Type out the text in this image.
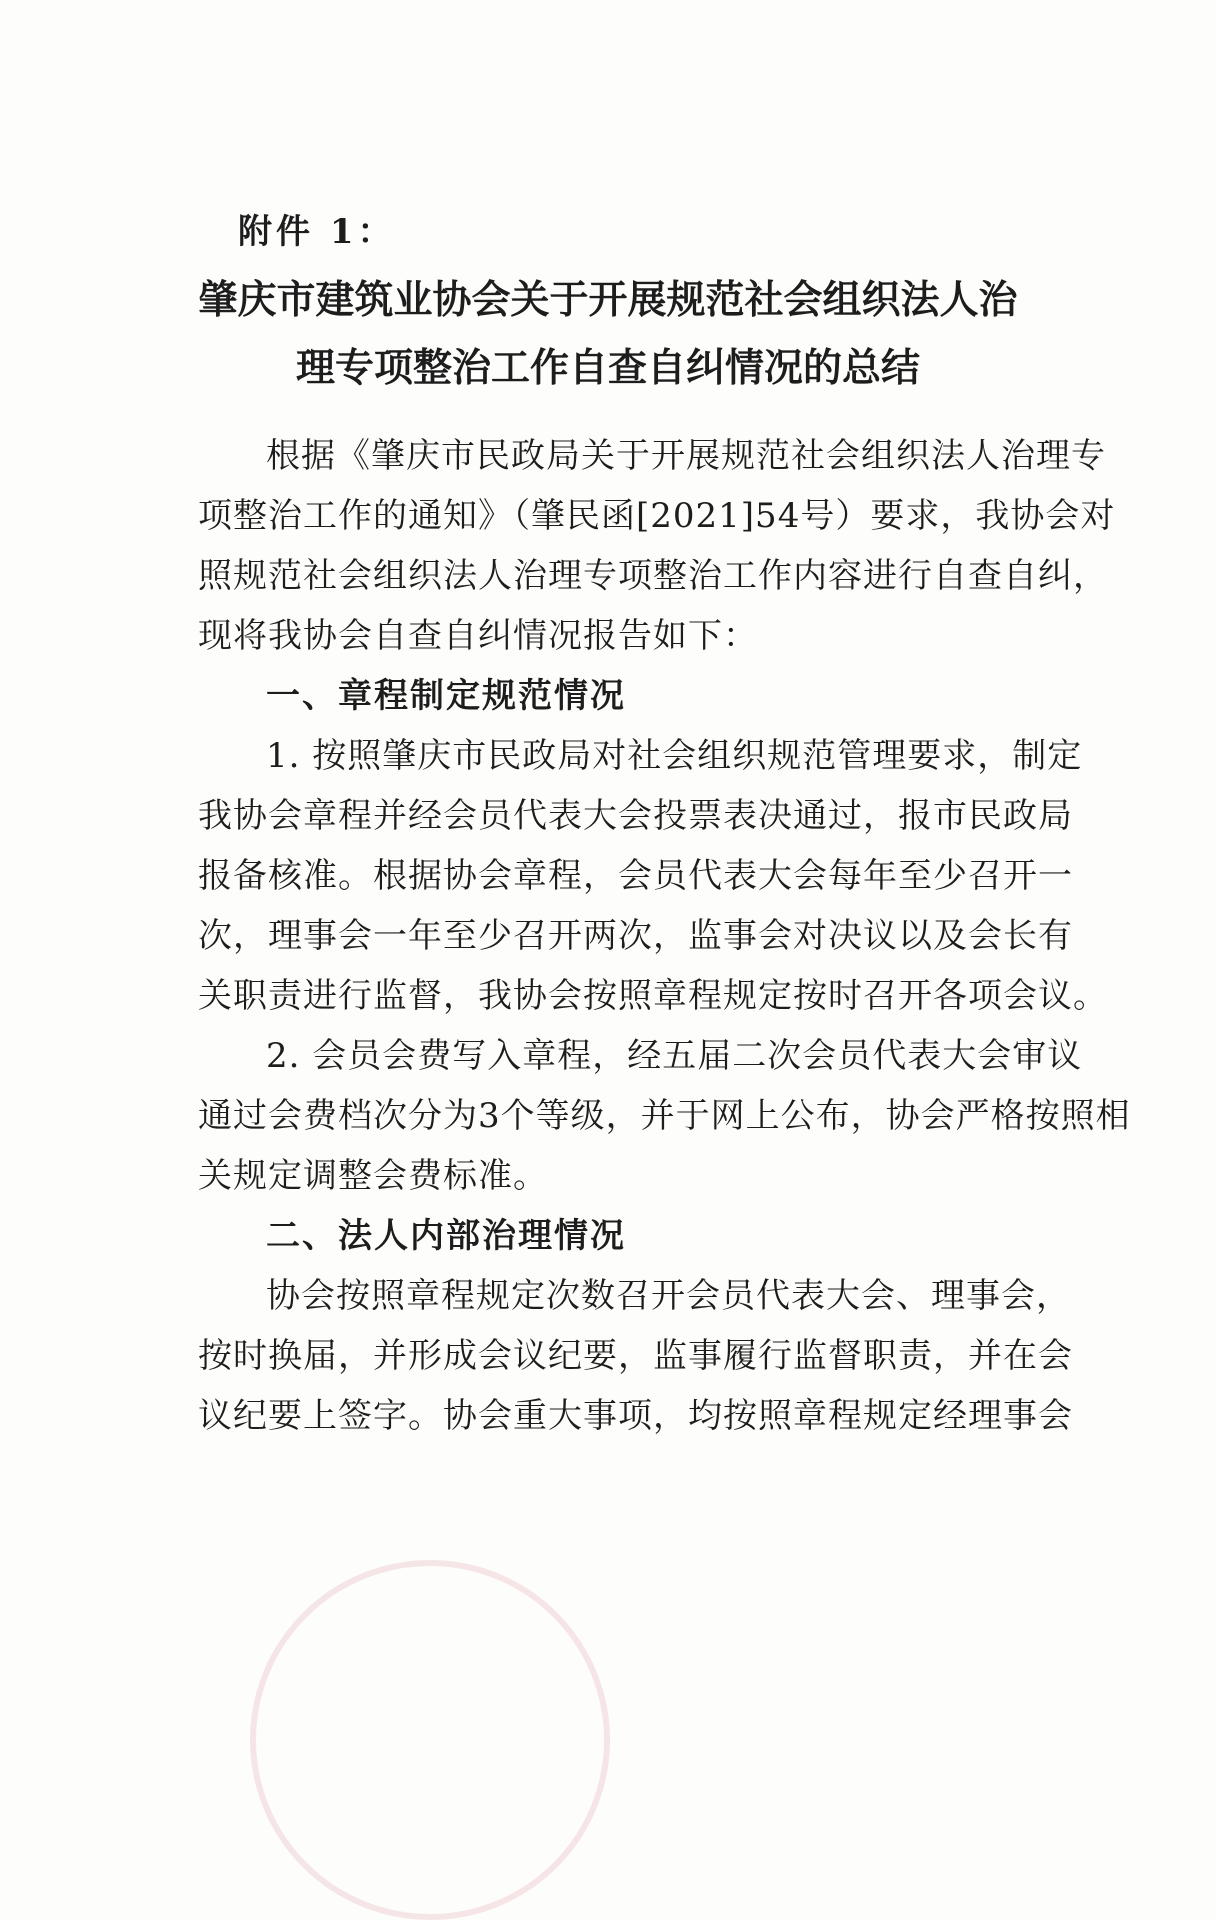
附件 1：
肇庆市建筑业协会关于开展规范社会组织法人治
理专项整治工作自查自纠情况的总结
根据《肇庆市民政局关于开展规范社会组织法人治理专
项整治工作的通知》（肇民函[2021]54号）要求，我协会对
照规范社会组织法人治理专项整治工作内容进行自查自纠，
现将我协会自查自纠情况报告如下：
一、章程制定规范情况
1. 按照肇庆市民政局对社会组织规范管理要求，制定
我协会章程并经会员代表大会投票表决通过，报市民政局
报备核准。根据协会章程，会员代表大会每年至少召开一
次，理事会一年至少召开两次，监事会对决议以及会长有
关职责进行监督，我协会按照章程规定按时召开各项会议。
2. 会员会费写入章程，经五届二次会员代表大会审议
通过会费档次分为3个等级，并于网上公布，协会严格按照相
关规定调整会费标准。
二、法人内部治理情况
协会按照章程规定次数召开会员代表大会、理事会，
按时换届，并形成会议纪要，监事履行监督职责，并在会
议纪要上签字。协会重大事项，均按照章程规定经理事会
